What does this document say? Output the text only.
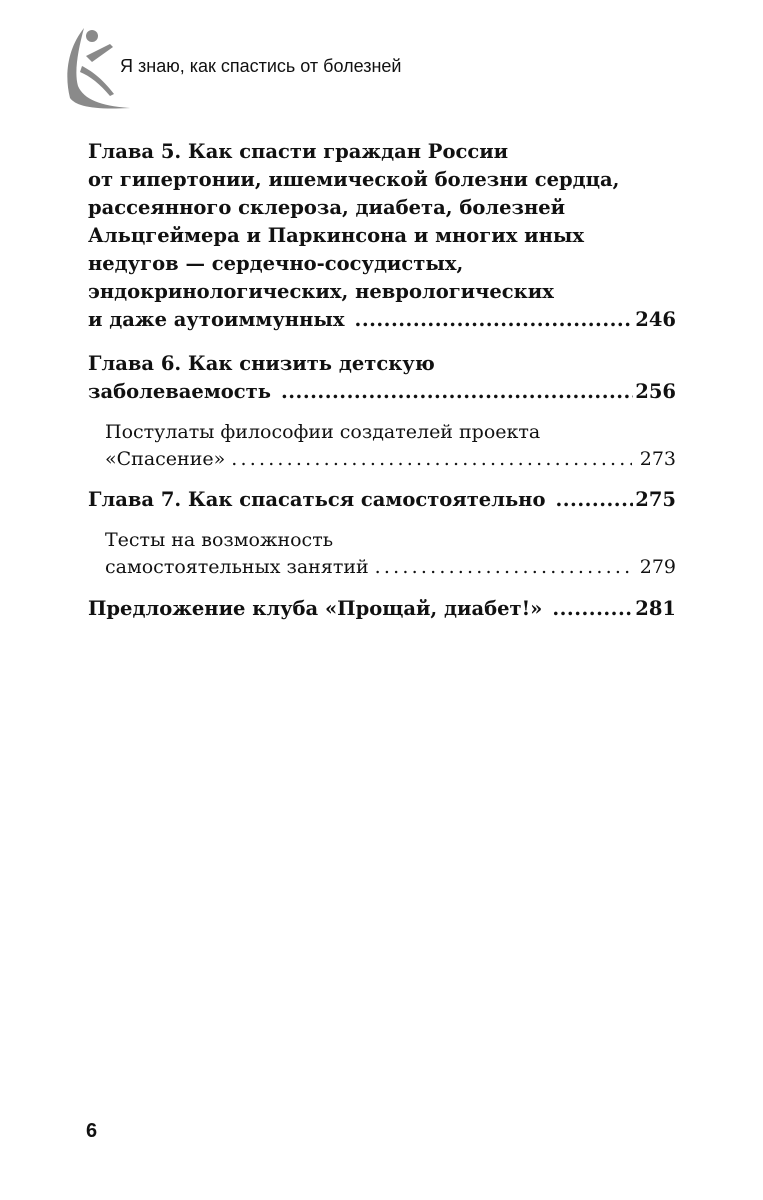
Я знаю, как спастись от болезней
Глава 5. Как спасти граждан России
от гипертонии, ишемической болезни сердца,
рассеянного склероза, диабета, болезней
Альцгеймера и Паркинсона и многих иных
недугов — сердечно-сосудистых,
эндокринологических, неврологических
и даже аутоиммунных .....	246
Глава 6. Как снизить детскую
заболеваемость .....	256
Постулаты философии создателей проекта
«Спасение» .....	273
Глава 7. Как спасаться самостоятельно .....	275
Тесты на возможность
самостоятельных занятий .....	279
Предложение клуба «Прощай, диабет!» .....	281
6
